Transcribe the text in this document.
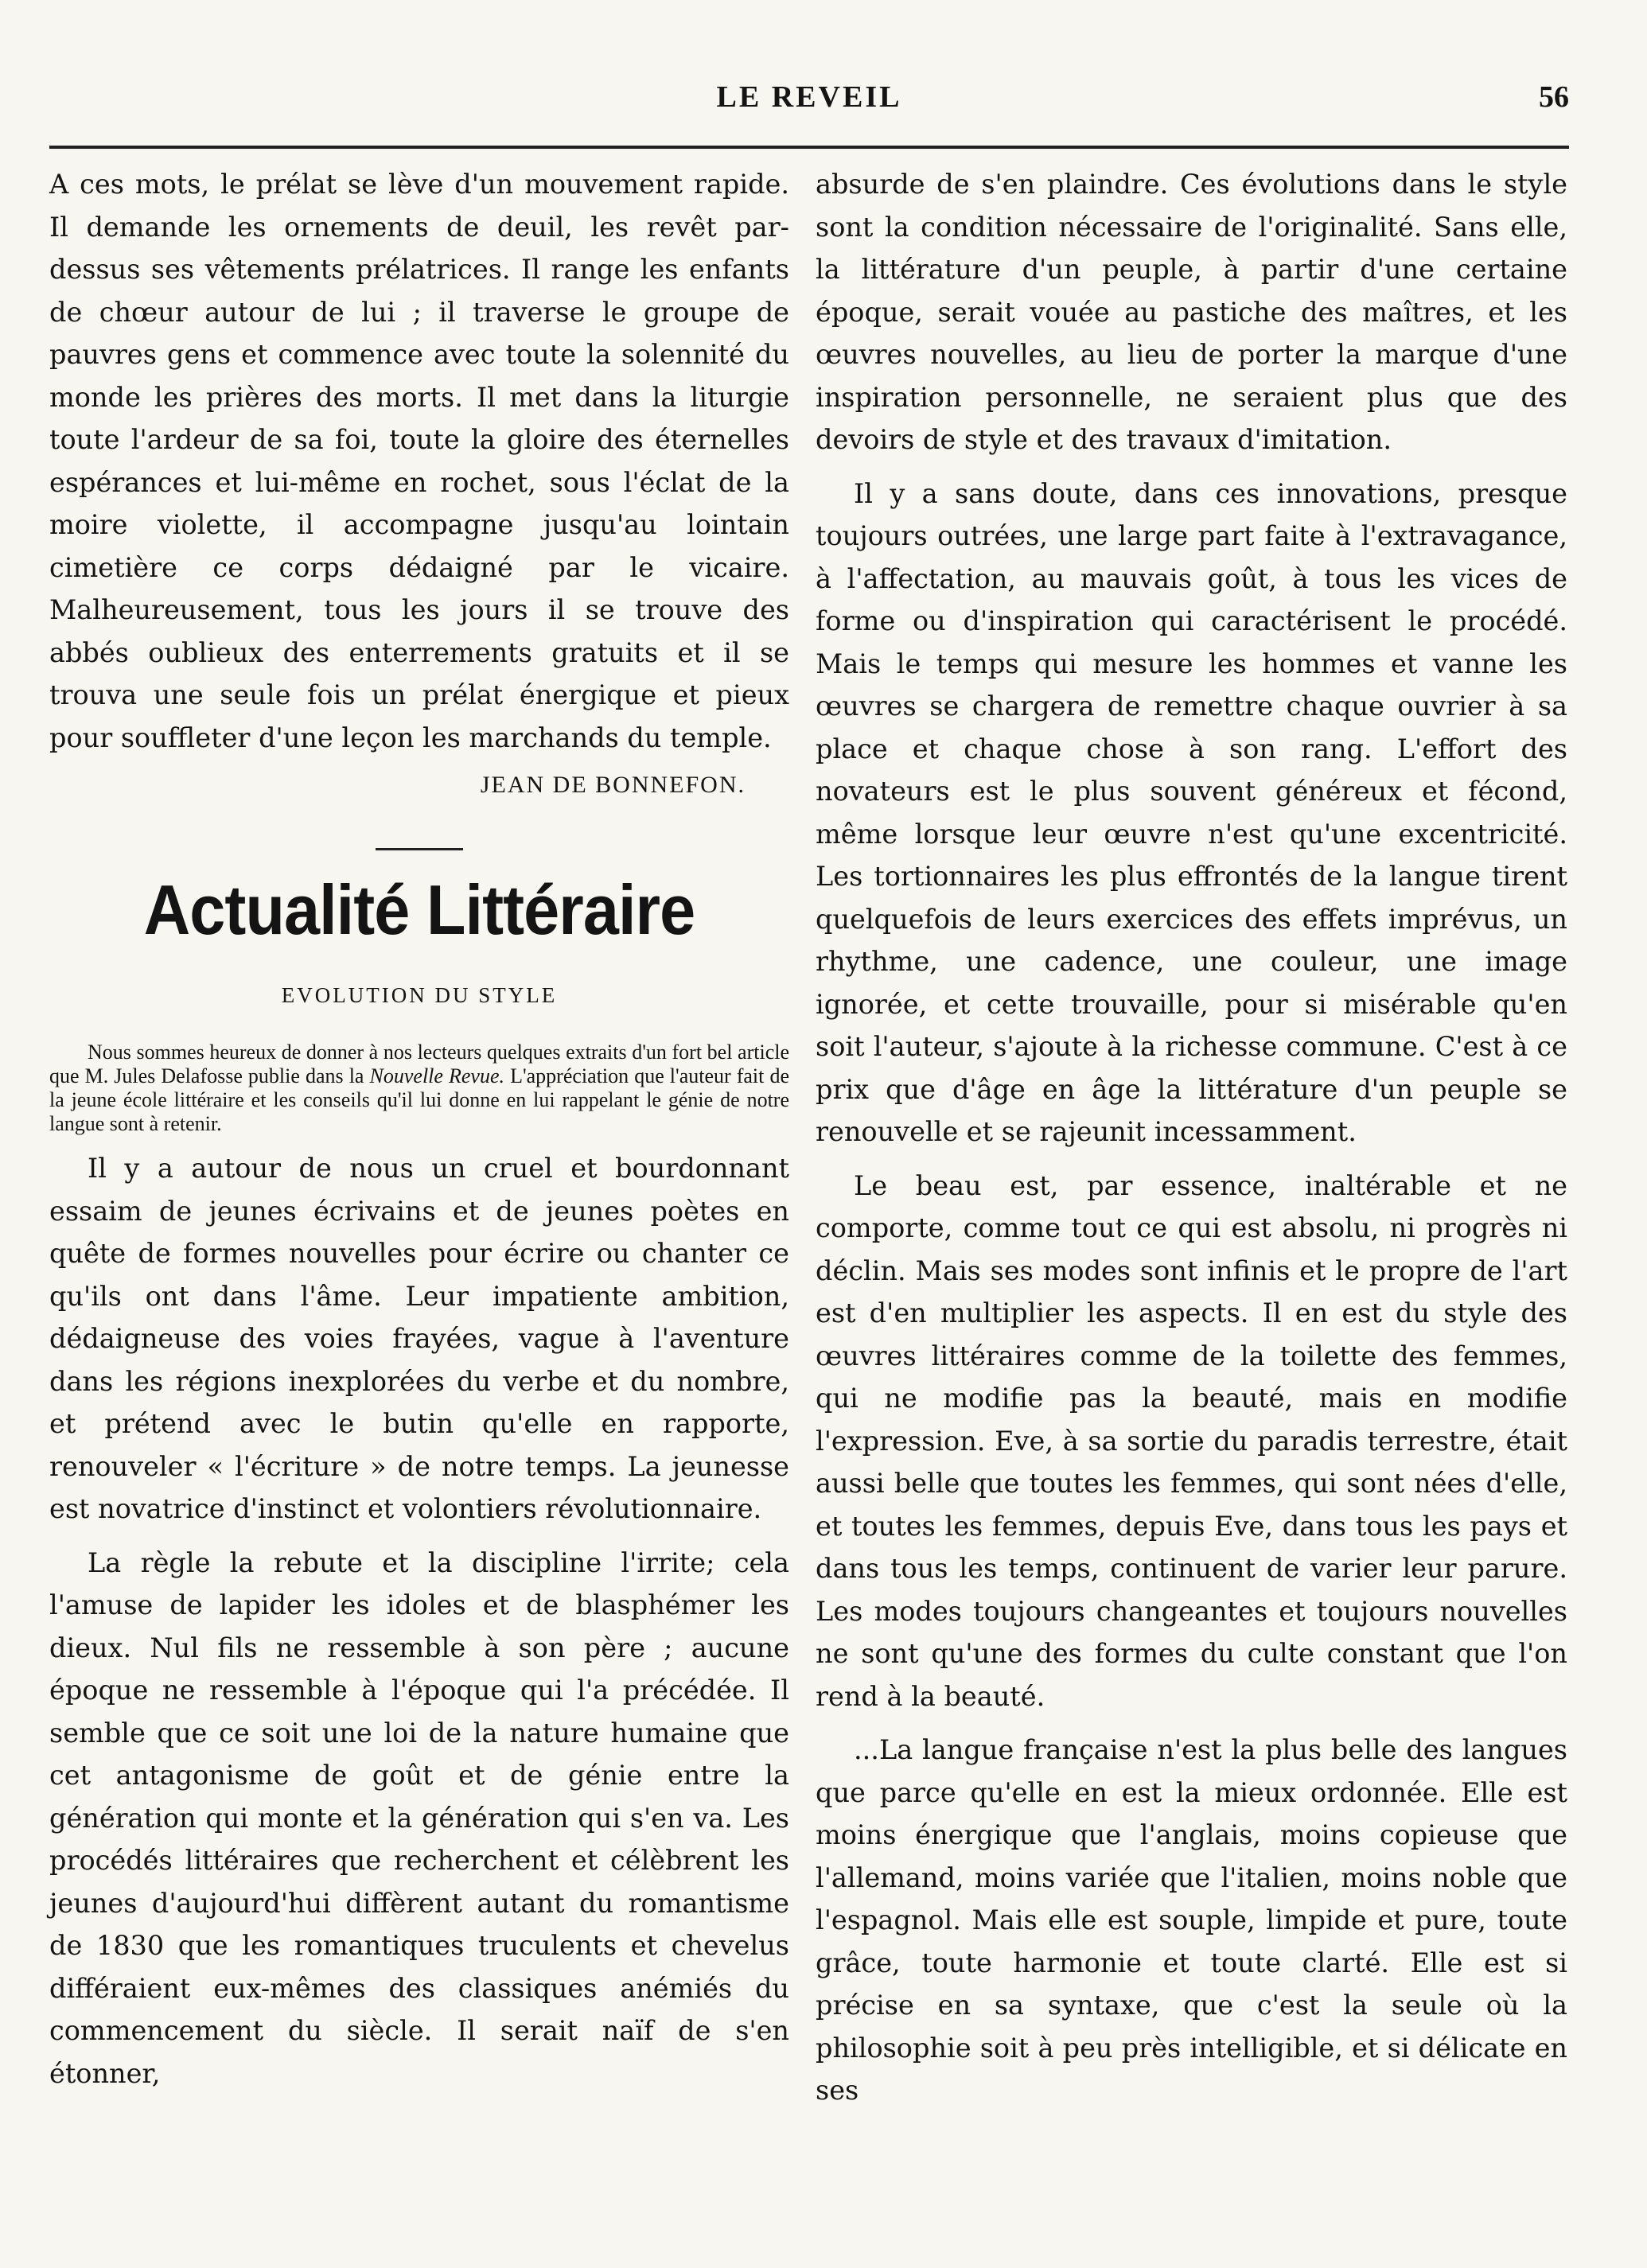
LE REVEIL	56

A ces mots, le prélat se lève d'un mouvement rapide. Il demande les ornements de deuil, les revêt par-dessus ses vêtements prélatrices. Il range les enfants de chœur autour de lui ; il traverse le groupe de pauvres gens et commence avec toute la solennité du monde les prières des morts. Il met dans la liturgie toute l'ardeur de sa foi, toute la gloire des éternelles espérances et lui-même en rochet, sous l'éclat de la moire violette, il accompagne jusqu'au lointain cimetière ce corps dédaigné par le vicaire. Malheureusement, tous les jours il se trouve des abbés oublieux des enterrements gratuits et il se trouva une seule fois un prélat énergique et pieux pour souffleter d'une leçon les marchands du temple.

JEAN DE BONNEFON.
Actualité Littéraire
EVOLUTION DU STYLE

Nous sommes heureux de donner à nos lecteurs quelques extraits d'un fort bel article que M. Jules Delafosse publie dans la Nouvelle Revue. L'appréciation que l'auteur fait de la jeune école littéraire et les conseils qu'il lui donne en lui rappelant le génie de notre langue sont à retenir.

Il y a autour de nous un cruel et bourdonnant essaim de jeunes écrivains et de jeunes poètes en quête de formes nouvelles pour écrire ou chanter ce qu'ils ont dans l'âme. Leur impatiente ambition, dédaigneuse des voies frayées, vague à l'aventure dans les régions inexplorées du verbe et du nombre, et prétend avec le butin qu'elle en rapporte, renouveler « l'écriture » de notre temps. La jeunesse est novatrice d'instinct et volontiers révolutionnaire.

La règle la rebute et la discipline l'irrite; cela l'amuse de lapider les idoles et de blasphémer les dieux. Nul fils ne ressemble à son père ; aucune époque ne ressemble à l'époque qui l'a précédée. Il semble que ce soit une loi de la nature humaine que cet antagonisme de goût et de génie entre la génération qui monte et la génération qui s'en va. Les procédés littéraires que recherchent et célèbrent les jeunes d'aujourd'hui diffèrent autant du romantisme de 1830 que les romantiques truculents et chevelus différaient eux-mêmes des classiques anémiés du commencement du siècle. Il serait naïf de s'en étonner,

absurde de s'en plaindre. Ces évolutions dans le style sont la condition nécessaire de l'originalité. Sans elle, la littérature d'un peuple, à partir d'une certaine époque, serait vouée au pastiche des maîtres, et les œuvres nouvelles, au lieu de porter la marque d'une inspiration personnelle, ne seraient plus que des devoirs de style et des travaux d'imitation.

Il y a sans doute, dans ces innovations, presque toujours outrées, une large part faite à l'extravagance, à l'affectation, au mauvais goût, à tous les vices de forme ou d'inspiration qui caractérisent le procédé. Mais le temps qui mesure les hommes et vanne les œuvres se chargera de remettre chaque ouvrier à sa place et chaque chose à son rang. L'effort des novateurs est le plus souvent généreux et fécond, même lorsque leur œuvre n'est qu'une excentricité. Les tortionnaires les plus effrontés de la langue tirent quelquefois de leurs exercices des effets imprévus, un rhythme, une cadence, une couleur, une image ignorée, et cette trouvaille, pour si misérable qu'en soit l'auteur, s'ajoute à la richesse commune. C'est à ce prix que d'âge en âge la littérature d'un peuple se renouvelle et se rajeunit incessamment.

Le beau est, par essence, inaltérable et ne comporte, comme tout ce qui est absolu, ni progrès ni déclin. Mais ses modes sont infinis et le propre de l'art est d'en multiplier les aspects. Il en est du style des œuvres littéraires comme de la toilette des femmes, qui ne modifie pas la beauté, mais en modifie l'expression. Eve, à sa sortie du paradis terrestre, était aussi belle que toutes les femmes, qui sont nées d'elle, et toutes les femmes, depuis Eve, dans tous les pays et dans tous les temps, continuent de varier leur parure. Les modes toujours changeantes et toujours nouvelles ne sont qu'une des formes du culte constant que l'on rend à la beauté.

...La langue française n'est la plus belle des langues que parce qu'elle en est la mieux ordonnée. Elle est moins énergique que l'anglais, moins copieuse que l'allemand, moins variée que l'italien, moins noble que l'espagnol. Mais elle est souple, limpide et pure, toute grâce, toute harmonie et toute clarté. Elle est si précise en sa syntaxe, que c'est la seule où la philosophie soit à peu près intelligible, et si délicate en ses
